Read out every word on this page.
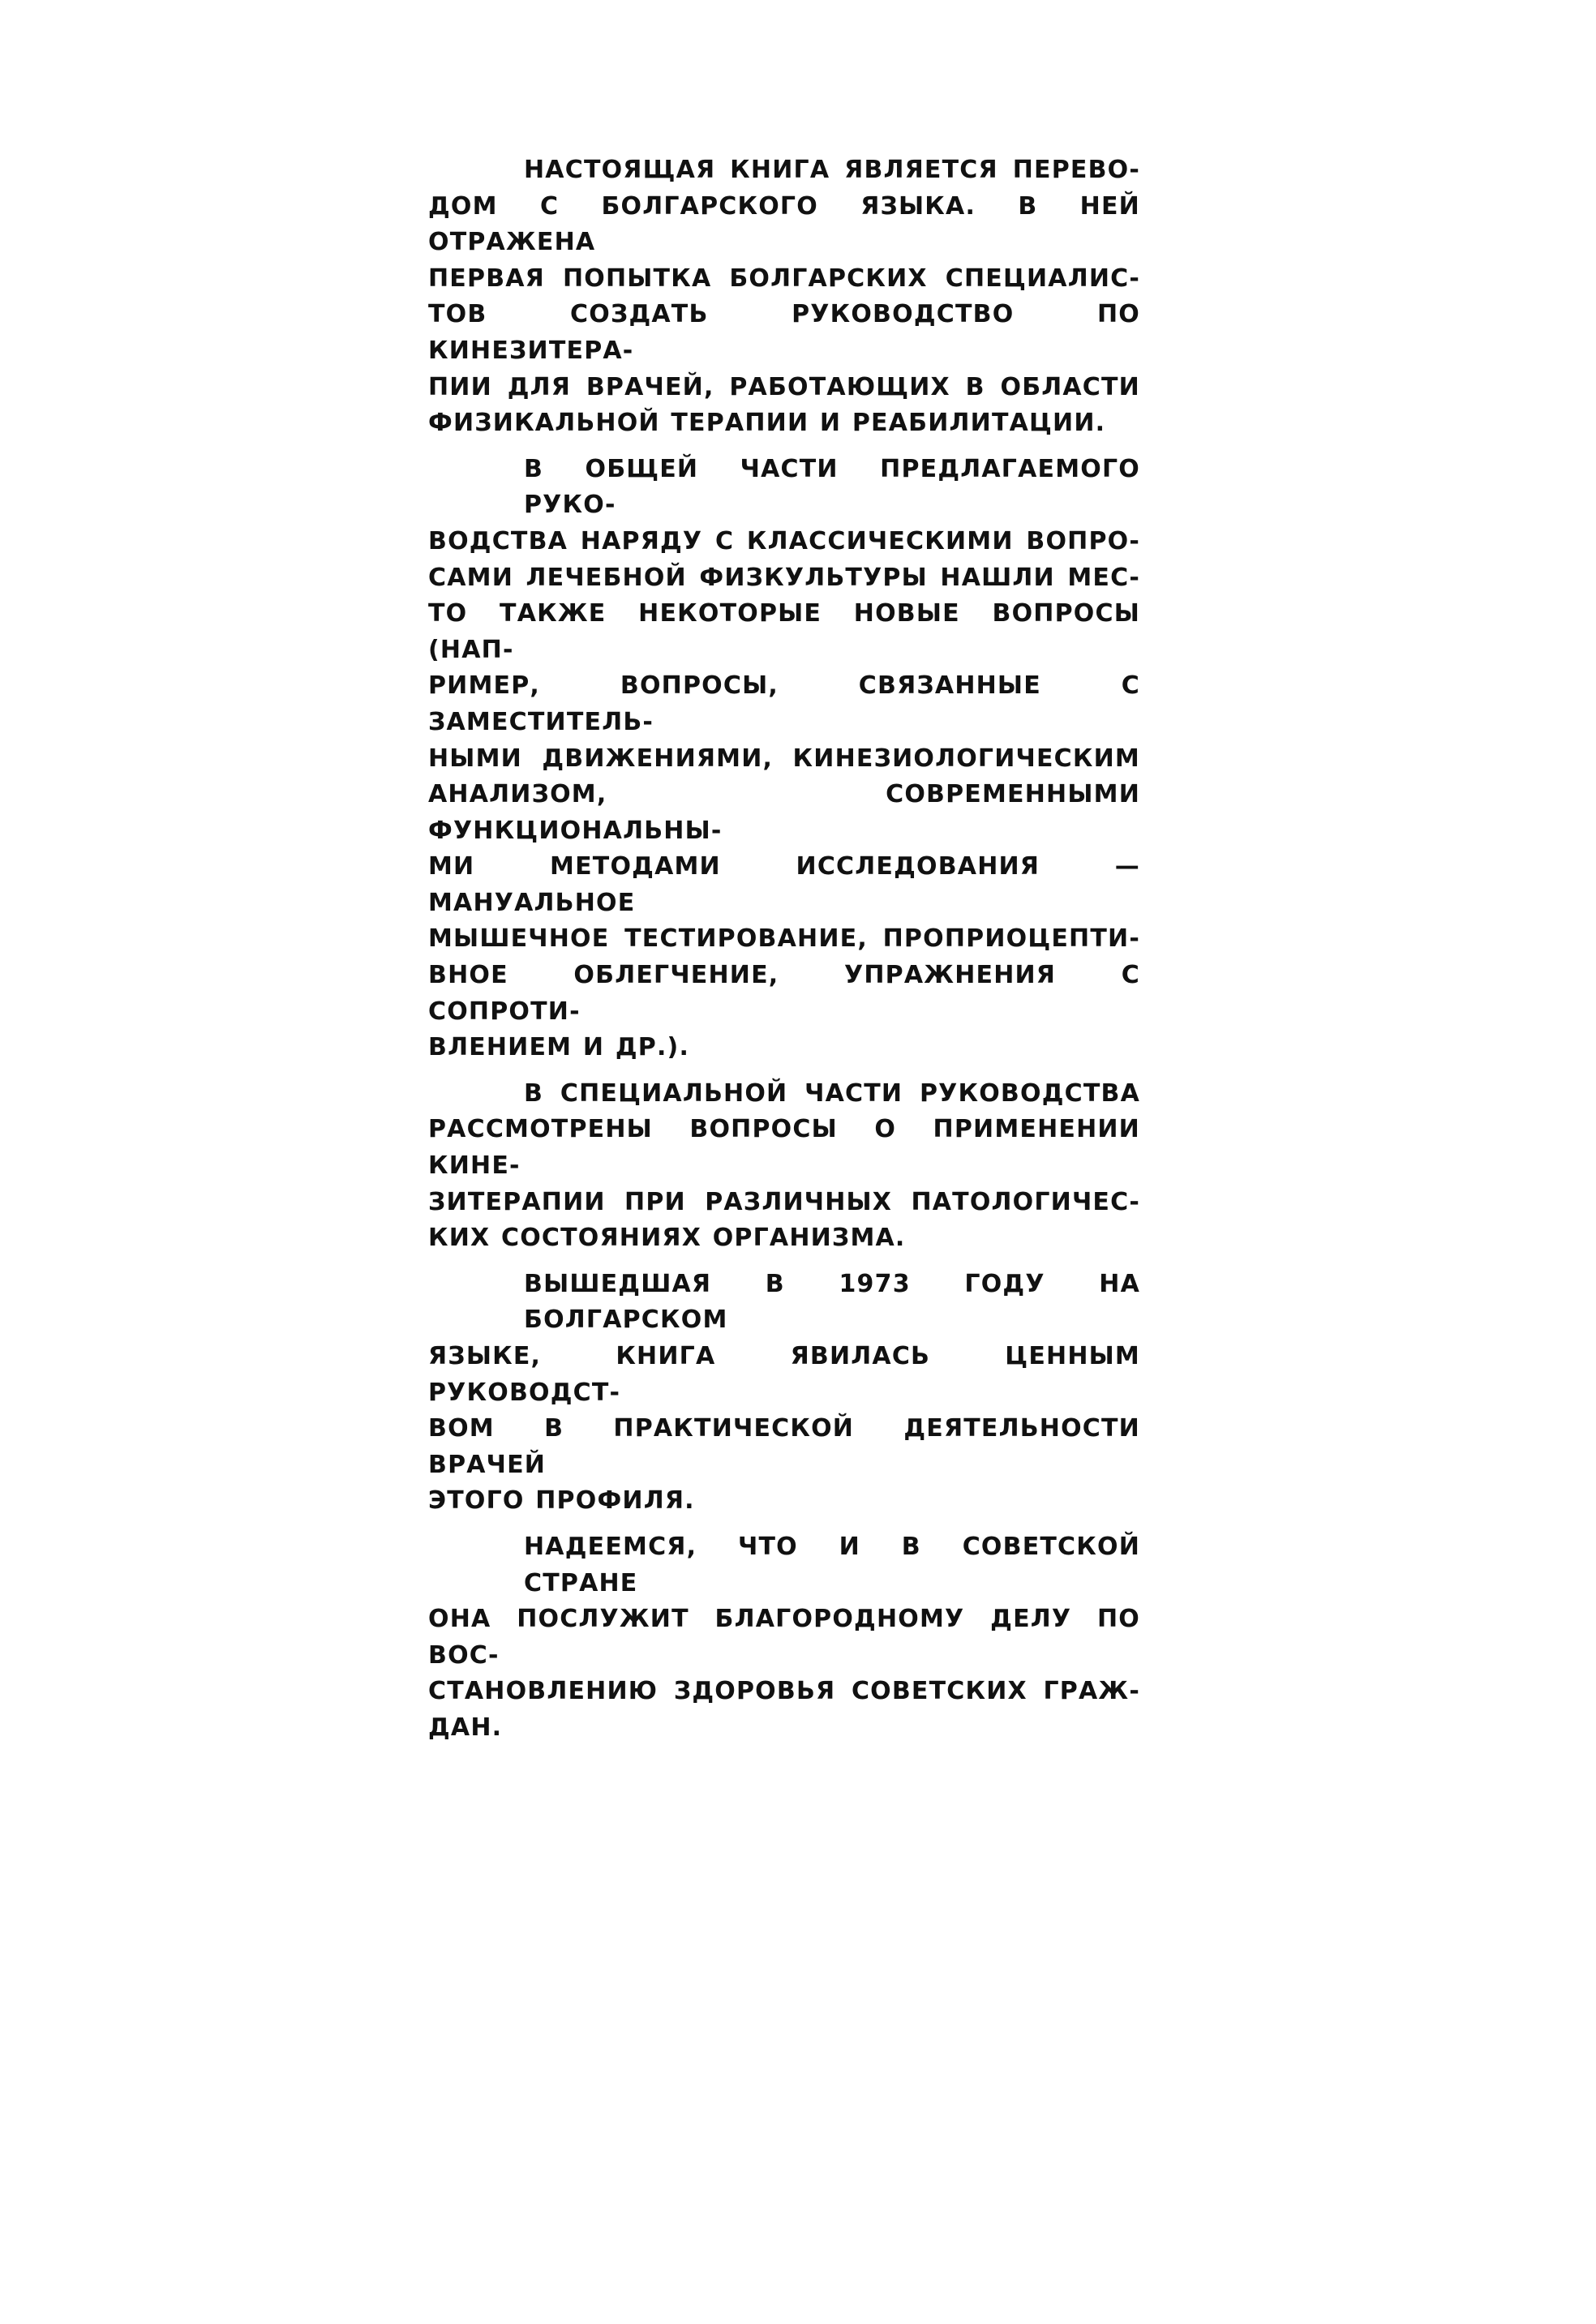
НАСТОЯЩАЯ КНИГА ЯВЛЯЕТСЯ ПЕРЕВО-
ДОМ С БОЛГАРСКОГО ЯЗЫКА. В НЕЙ ОТРАЖЕНА
ПЕРВАЯ ПОПЫТКА БОЛГАРСКИХ СПЕЦИАЛИС-
ТОВ СОЗДАТЬ РУКОВОДСТВО ПО КИНЕЗИТЕРА-
ПИИ ДЛЯ ВРАЧЕЙ, РАБОТАЮЩИХ В ОБЛАСТИ
ФИЗИКАЛЬНОЙ ТЕРАПИИ И РЕАБИЛИТАЦИИ.

В ОБЩЕЙ ЧАСТИ ПРЕДЛАГАЕМОГО РУКО-
ВОДСТВА НАРЯДУ С КЛАССИЧЕСКИМИ ВОПРО-
САМИ ЛЕЧЕБНОЙ ФИЗКУЛЬТУРЫ НАШЛИ МЕС-
ТО ТАКЖЕ НЕКОТОРЫЕ НОВЫЕ ВОПРОСЫ (НАП-
РИМЕР, ВОПРОСЫ, СВЯЗАННЫЕ С ЗАМЕСТИТЕЛЬ-
НЫМИ ДВИЖЕНИЯМИ, КИНЕЗИОЛОГИЧЕСКИМ
АНАЛИЗОМ, СОВРЕМЕННЫМИ ФУНКЦИОНАЛЬНЫ-
МИ МЕТОДАМИ ИССЛЕДОВАНИЯ — МАНУАЛЬНОЕ
МЫШЕЧНОЕ ТЕСТИРОВАНИЕ, ПРОПРИОЦЕПТИ-
ВНОЕ ОБЛЕГЧЕНИЕ, УПРАЖНЕНИЯ С СОПРОТИ-
ВЛЕНИЕМ И ДР.).

В СПЕЦИАЛЬНОЙ ЧАСТИ РУКОВОДСТВА
РАССМОТРЕНЫ ВОПРОСЫ О ПРИМЕНЕНИИ КИНЕ-
ЗИТЕРАПИИ ПРИ РАЗЛИЧНЫХ ПАТОЛОГИЧЕС-
КИХ СОСТОЯНИЯХ ОРГАНИЗМА.

ВЫШЕДШАЯ В 1973 ГОДУ НА БОЛГАРСКОМ
ЯЗЫКЕ, КНИГА ЯВИЛАСЬ ЦЕННЫМ РУКОВОДСТ-
ВОМ В ПРАКТИЧЕСКОЙ ДЕЯТЕЛЬНОСТИ ВРАЧЕЙ
ЭТОГО ПРОФИЛЯ.

НАДЕЕМСЯ, ЧТО И В СОВЕТСКОЙ СТРАНЕ
ОНА ПОСЛУЖИТ БЛАГОРОДНОМУ ДЕЛУ ПО ВОС-
СТАНОВЛЕНИЮ ЗДОРОВЬЯ СОВЕТСКИХ ГРАЖ-
ДАН.
